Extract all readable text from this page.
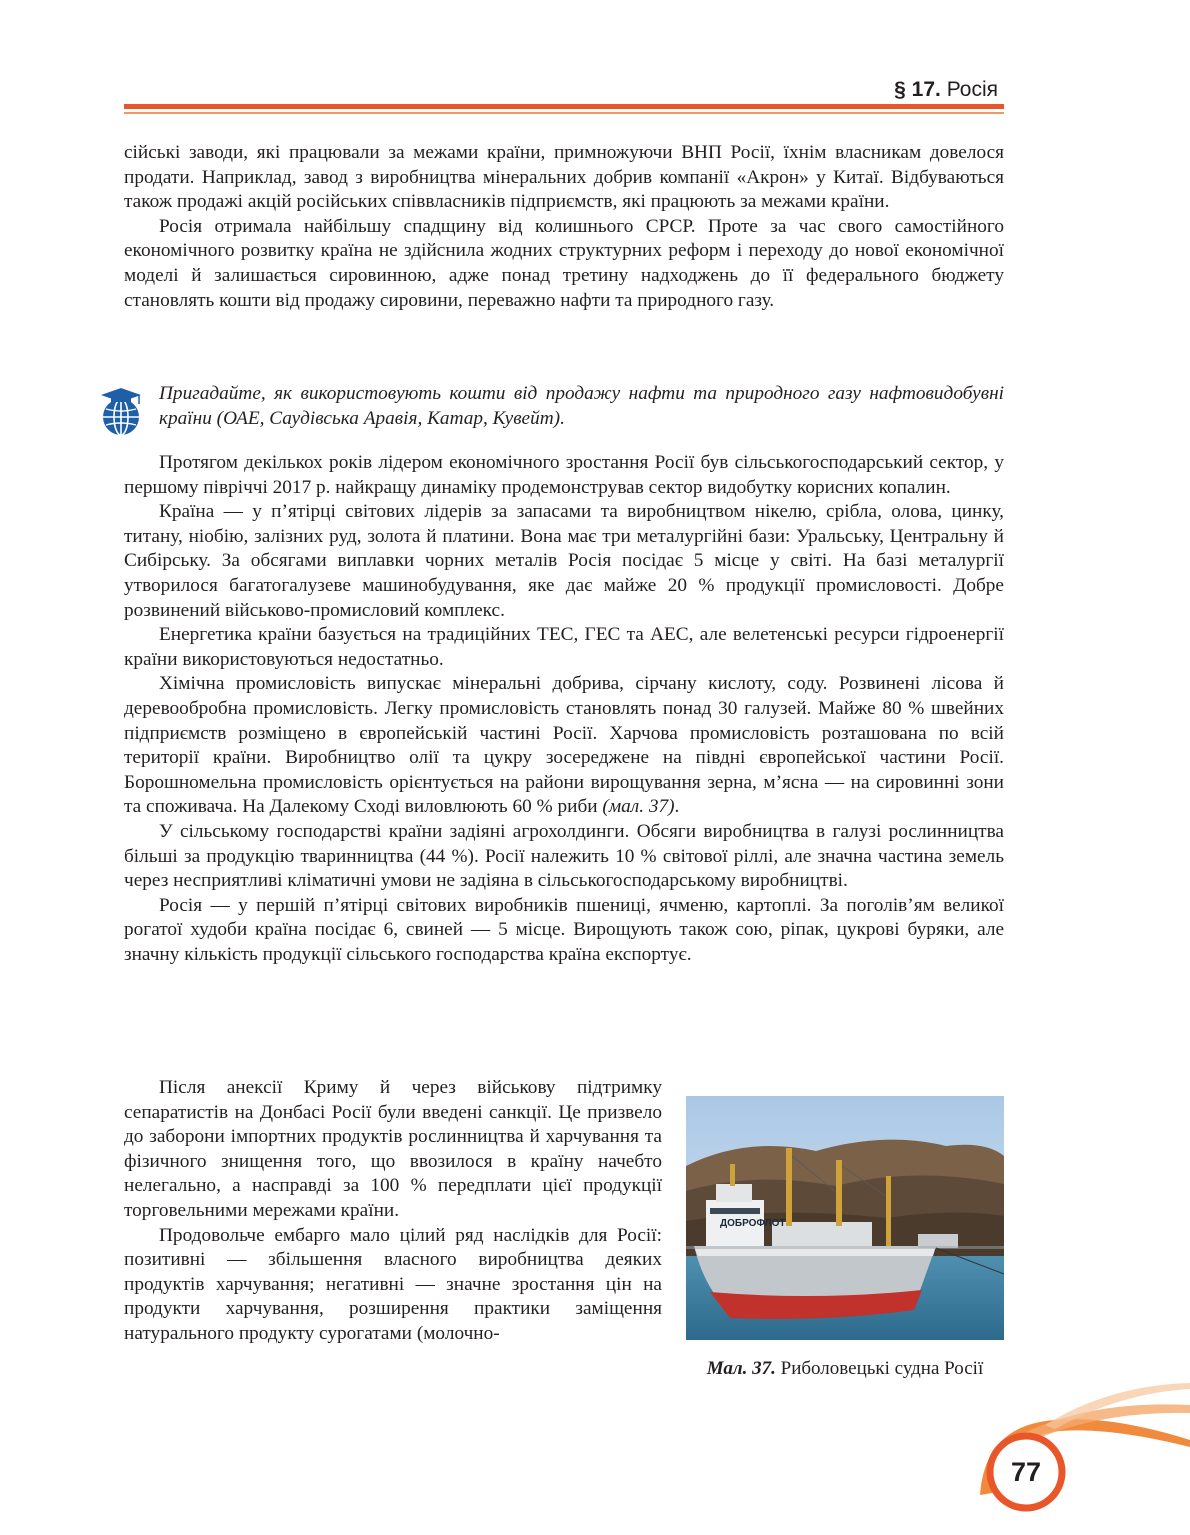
§ 17. Росія

сійські заводи, які працювали за межами країни, примножуючи ВНП Росії, їхнім власникам довелося продати. Наприклад, завод з виробництва мінеральних добрив компанії «Акрон» у Китаї. Відбуваються також продажі акцій російських співвласників підприємств, які працюють за межами країни.

Росія отримала найбільшу спадщину від колишнього СРСР. Проте за час свого самостійного економічного розвитку країна не здійснила жодних структурних реформ і переходу до нової економічної моделі й залишається сировинною, адже понад третину надходжень до її федерального бюджету становлять кошти від продажу сировини, переважно нафти та природного газу.

Пригадайте, як використовують кошти від продажу нафти та природного газу нафтовидобувні країни (ОАЕ, Саудівська Аравія, Катар, Кувейт).

Протягом декількох років лідером економічного зростання Росії був сільськогосподарський сектор, у першому півріччі 2017 р. найкращу динаміку продемонстрував сектор видобутку корисних копалин.

Країна — у п’ятірці світових лідерів за запасами та виробництвом нікелю, срібла, олова, цинку, титану, ніобію, залізних руд, золота й платини. Вона має три металургійні бази: Уральську, Центральну й Сибірську. За обсягами виплавки чорних металів Росія посідає 5 місце у світі. На базі металургії утворилося багатогалузеве машинобудування, яке дає майже 20 % продукції промисловості. Добре розвинений військово-промисловий комплекс.

Енергетика країни базується на традиційних ТЕС, ГЕС та АЕС, але велетенські ресурси гідроенергії країни використовуються недостатньо.

Хімічна промисловість випускає мінеральні добрива, сірчану кислоту, соду. Розвинені лісова й деревообробна промисловість. Легку промисловість становлять понад 30 галузей. Майже 80 % швейних підприємств розміщено в європейській частині Росії. Харчова промисловість розташована по всій території країни. Виробництво олії та цукру зосереджене на півдні європейської частини Росії. Борошномельна промисловість орієнтується на райони вирощування зерна, м’ясна — на сировинні зони та споживача. На Далекому Сході виловлюють 60 % риби (мал. 37).

У сільському господарстві країни задіяні агрохолдинги. Обсяги виробництва в галузі рослинництва більші за продукцію тваринництва (44 %). Росії належить 10 % світової ріллі, але значна частина земель через несприятливі кліматичні умови не задіяна в сільськогосподарському виробництві.

Росія — у першій п’ятірці світових виробників пшениці, ячменю, картоплі. За поголів’ям великої рогатої худоби країна посідає 6, свиней — 5 місце. Вирощують також сою, ріпак, цукрові буряки, але значну кількість продукції сільського господарства країна експортує.

Після анексії Криму й через військову підтримку сепаратистів на Донбасі Росії були введені санкції. Це призвело до заборони імпортних продуктів рослинництва й харчування та фізичного знищення того, що ввозилося в країну начебто нелегально, а насправді за 100 % передплати цієї продукції торговельними мережами країни.

Продовольче ембарго мало цілий ряд наслідків для Росії: позитивні — збільшення власного виробництва деяких продуктів харчування; негативні — значне зростання цін на продукти харчування, розширення практики заміщення натурального продукту сурогатами (молочно-

ДОБРОФЛОТ
Мал. 37. Риболовецькі судна Росії
77
